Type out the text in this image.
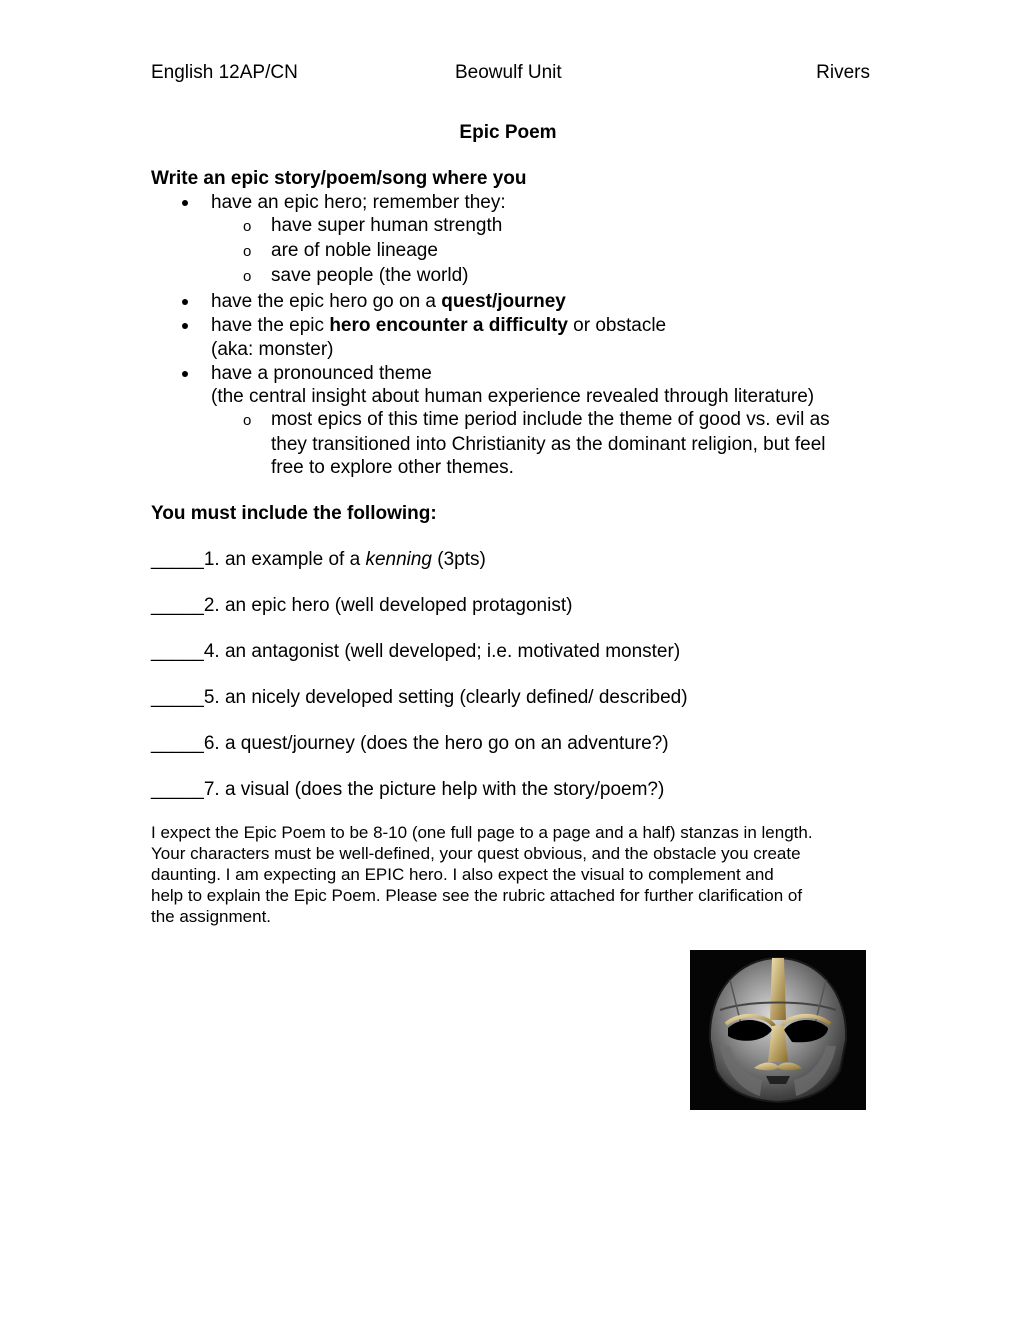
English 12AP/CN	Beowulf Unit	Rivers
Epic Poem
Write an epic story/poem/song where you
have an epic hero; remember they:
o have super human strength
o are of noble lineage
o save people (the world)
have the epic hero go on a quest/journey
have the epic hero encounter a difficulty or obstacle
(aka: monster)
have a pronounced theme
(the central insight about human experience revealed through literature)
o most epics of this time period include the theme of good vs. evil as
they transitioned into Christianity as the dominant religion, but feel
free to explore other themes.
You must include the following:
_____1. an example of a kenning (3pts)
_____2. an epic hero (well developed protagonist)
_____4. an antagonist (well developed; i.e. motivated monster)
_____5. an nicely developed setting (clearly defined/ described)
_____6. a quest/journey (does the hero go on an adventure?)
_____7. a visual (does the picture help with the story/poem?)
I expect the Epic Poem to be 8-10 (one full page to a page and a half) stanzas in length.
Your characters must be well-defined, your quest obvious, and the obstacle you create
daunting. I am expecting an EPIC hero. I also expect the visual to complement and
help to explain the Epic Poem. Please see the rubric attached for further clarification of
the assignment.
